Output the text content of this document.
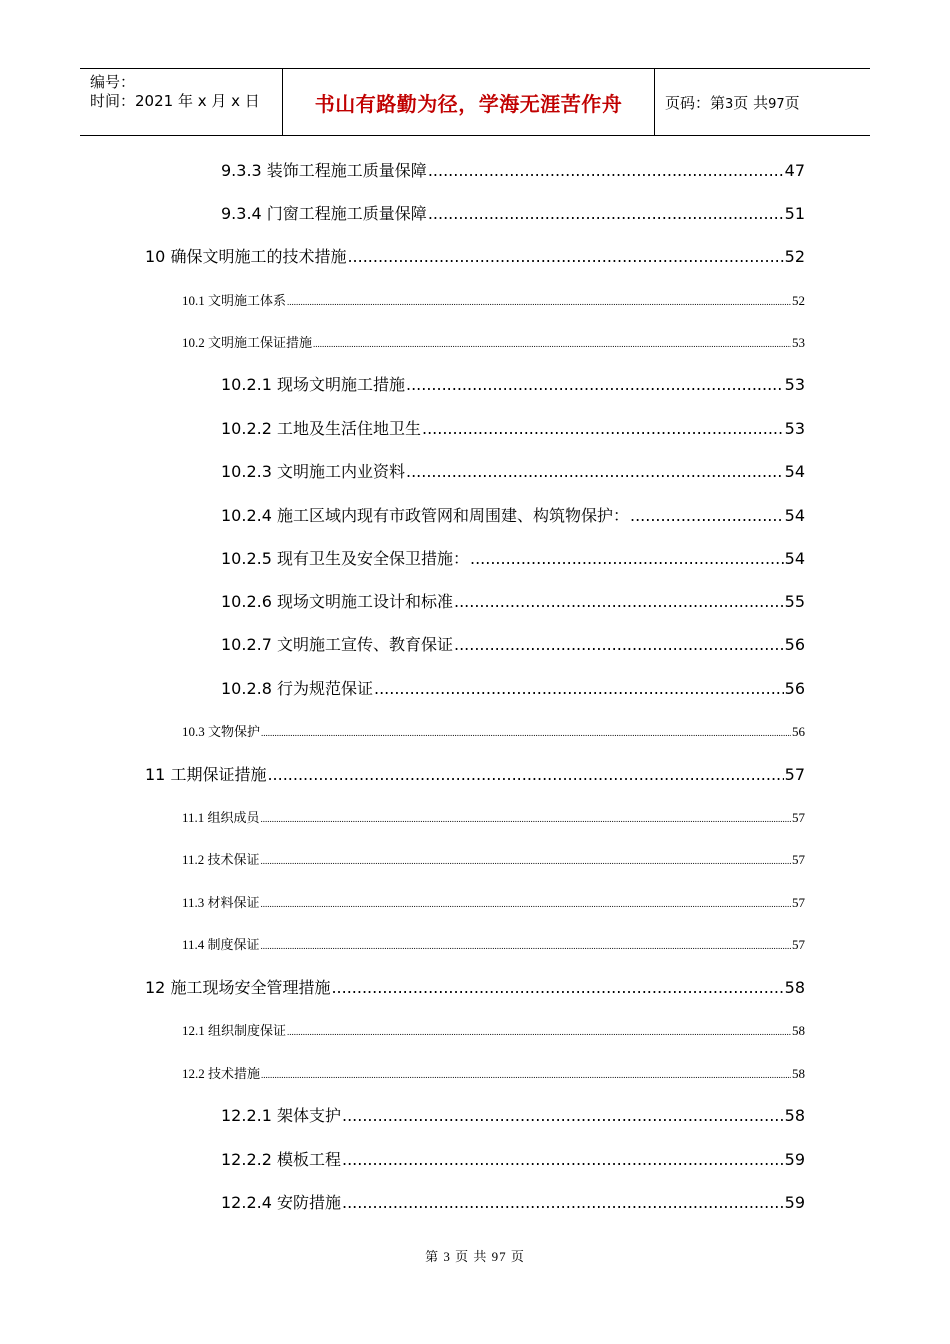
编号：
时间：2021 年 x 月 x 日	书山有路勤为径，学海无涯苦作舟	页码：第3页 共97页
9.3.3 装饰工程施工质量保障 .....	47
9.3.4 门窗工程施工质量保障 .....	51
10 确保文明施工的技术措施 .....	52
10.1 文明施工体系 .....	52
10.2 文明施工保证措施 .....	53
10.2.1 现场文明施工措施 .....	53
10.2.2 工地及生活住地卫生 .....	53
10.2.3 文明施工内业资料 .....	54
10.2.4 施工区域内现有市政管网和周围建、构筑物保护： .....	54
10.2.5 现有卫生及安全保卫措施： .....	54
10.2.6 现场文明施工设计和标准 .....	55
10.2.7 文明施工宣传、教育保证 .....	56
10.2.8 行为规范保证 .....	56
10.3 文物保护 .....	56
11 工期保证措施 .....	57
11.1 组织成员 .....	57
11.2 技术保证 .....	57
11.3 材料保证 .....	57
11.4 制度保证 .....	57
12 施工现场安全管理措施 .....	58
12.1 组织制度保证 .....	58
12.2 技术措施 .....	58
12.2.1 架体支护 .....	58
12.2.2 模板工程 .....	59
12.2.4 安防措施 .....	59
第 3 页 共 97 页
